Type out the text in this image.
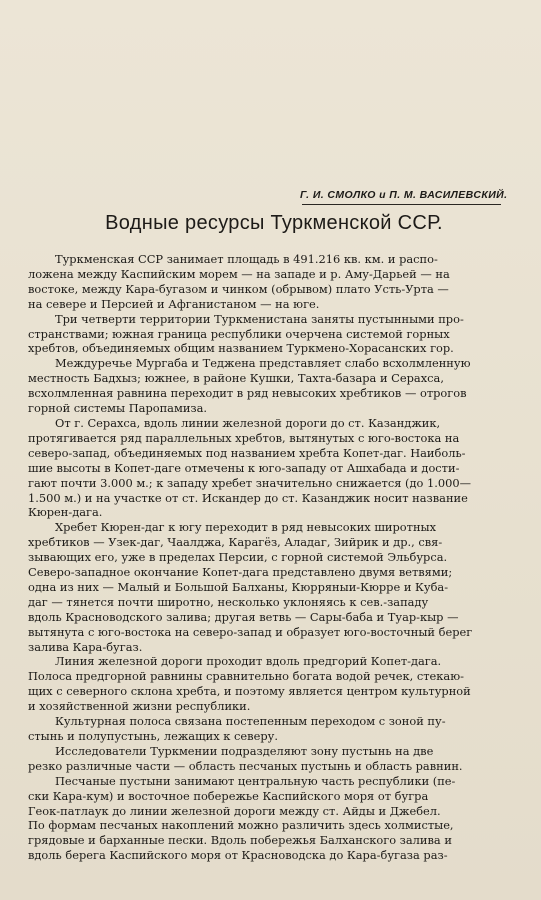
Г. И. СМОЛКО и П. М. ВАСИЛЕВСКИЙ.
Водные ресурсы Туркменской ССР.

Туркменская ССР занимает площадь в 491.216 кв. км. и распо-
ложена между Каспийским морем — на западе и р. Аму-Дарьей — на
востоке, между Кара-бугазом и чинком (обрывом) плато Усть-Урта —
на севере и Персией и Афганистаном — на юге.

Три четверти территории Туркменистана заняты пустынными про-
странствами; южная граница республики очерчена системой горных
хребтов, объединяемых общим названием Туркмено-Хорасанских гор.

Междуречье Мургаба и Теджена представляет слабо всхолмленную
местность Бадхыз; южнее, в районе Кушки, Тахта-базара и Серахса,
всхолмленная равнина переходит в ряд невысоких хребтиков — отрогов
горной системы Паропамиза.

От г. Серахса, вдоль линии железной дороги до ст. Казанджик,
протягивается ряд параллельных хребтов, вытянутых с юго-востока на
северо-запад, объединяемых под названием хребта Копет-даг. Наиболь-
шие высоты в Копет-даге отмечены к юго-западу от Ашхабада и дости-
гают почти 3.000 м.; к западу хребет значительно снижается (до 1.000—
1.500 м.) и на участке от ст. Искандер до ст. Казанджик носит название
Кюрен-дага.

Хребет Кюрен-даг к югу переходит в ряд невысоких широтных
хребтиков — Узек-даг, Чаалджа, Карагёз, Аладаг, Зийрик и др., свя-
зывающих его, уже в пределах Персии, с горной системой Эльбурса.
Северо-западное окончание Копет-дага представлено двумя ветвями;
одна из них — Малый и Большой Балханы, Кюрряныи-Кюрре и Куба-
даг — тянется почти широтно, несколько уклоняясь к сев.-западу
вдоль Красноводского залива; другая ветвь — Сары-баба и Туар-кыр —
вытянута с юго-востока на северо-запад и образует юго-восточный берег
залива Кара-бугаз.

Линия железной дороги проходит вдоль предгорий Копет-дага.
Полоса предгорной равнины сравнительно богата водой речек, стекаю-
щих с северного склона хребта, и поэтому является центром культурной
и хозяйственной жизни республики.

Культурная полоса связана постепенным переходом с зоной пу-
стынь и полупустынь, лежащих к северу.

Исследователи Туркмении подразделяют зону пустынь на две
резко различные части — область песчаных пустынь и область равнин.

Песчаные пустыни занимают центральную часть республики (пе-
ски Кара-кум) и восточное побережье Каспийского моря от бугра
Геок-патлаук до линии железной дороги между ст. Айды и Джебел.
По формам песчаных накоплений можно различить здесь холмистые,
грядовые и барханные пески. Вдоль побережья Балханского залива и
вдоль берега Каспийского моря от Красноводска до Кара-бугаза раз-
